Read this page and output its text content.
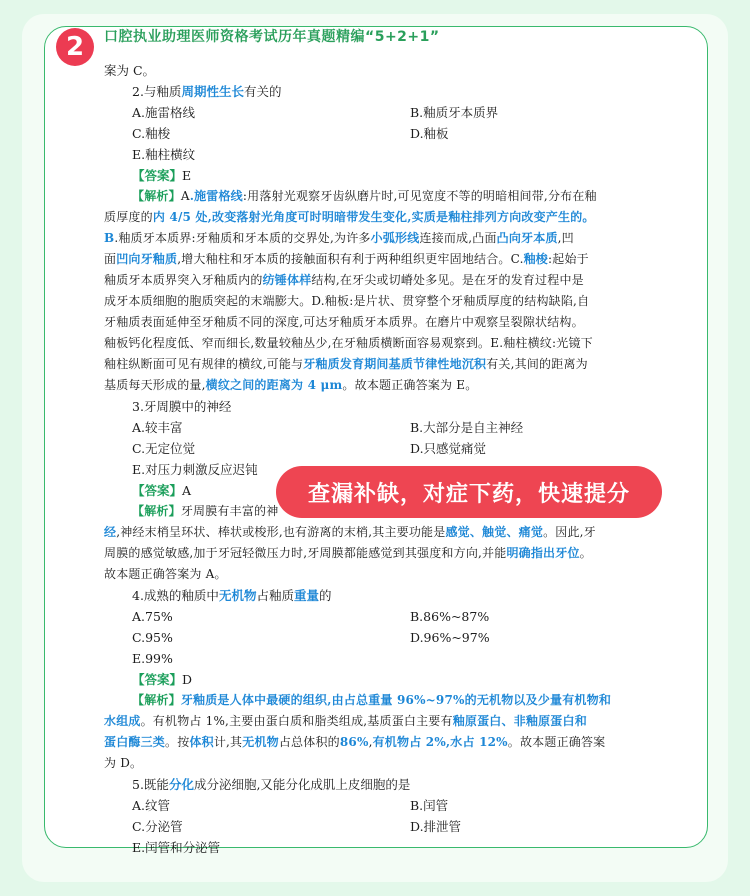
2	口腔执业助理医师资格考试历年真题精编“5+2+1”
案为 C。
2.与釉质周期性生长有关的
A.施雷格线	B.釉质牙本质界
C.釉梭	D.釉板
E.釉柱横纹
【答案】E
【解析】A.施雷格线:用落射光观察牙齿纵磨片时,可见宽度不等的明暗相间带,分布在釉
质厚度的内 4/5 处,改变落射光角度可时明暗带发生变化,实质是釉柱排列方向改变产生的。
B.釉质牙本质界:牙釉质和牙本质的交界处,为许多小弧形线连接而成,凸面凸向牙本质,凹
面凹向牙釉质,增大釉柱和牙本质的接触面积有利于两种组织更牢固地结合。C.釉梭:起始于
釉质牙本质界突入牙釉质内的纺锤体样结构,在牙尖或切嵴处多见。是在牙的发育过程中是
成牙本质细胞的胞质突起的末端膨大。D.釉板:是片状、贯穿整个牙釉质厚度的结构缺陷,自
牙釉质表面延伸至牙釉质不同的深度,可达牙釉质牙本质界。在磨片中观察呈裂隙状结构。
釉板钙化程度低、窄而细长,数量较釉丛少,在牙釉质横断面容易观察到。E.釉柱横纹:光镜下
釉柱纵断面可见有规律的横纹,可能与牙釉质发育期间基质节律性地沉积有关,其间的距离为
基质每天形成的量,横纹之间的距离为 4 μm。故本题正确答案为 E。
3.牙周膜中的神经
A.较丰富	B.大部分是自主神经
C.无定位觉	D.只感觉痛觉
E.对压力刺激反应迟钝
【答案】A
【解析】牙周膜有丰富的神
经,神经末梢呈环状、棒状或梭形,也有游离的末梢,其主要功能是感觉、触觉、痛觉。因此,牙
周膜的感觉敏感,加于牙冠轻微压力时,牙周膜都能感觉到其强度和方向,并能明确指出牙位。
故本题正确答案为 A。
4.成熟的釉质中无机物占釉质重量的
A.75%	B.86%~87%
C.95%	D.96%~97%
E.99%
【答案】D
【解析】牙釉质是人体中最硬的组织,由占总重量 96%~97%的无机物以及少量有机物和
水组成。有机物占 1%,主要由蛋白质和脂类组成,基质蛋白主要有釉原蛋白、非釉原蛋白和
蛋白酶三类。按体积计,其无机物占总体积的86%,有机物占 2%,水占 12%。故本题正确答案
为 D。
5.既能分化成分泌细胞,又能分化成肌上皮细胞的是
A.纹管	B.闰管
C.分泌管	D.排泄管
E.闰管和分泌管
查漏补缺，对症下药，快速提分
